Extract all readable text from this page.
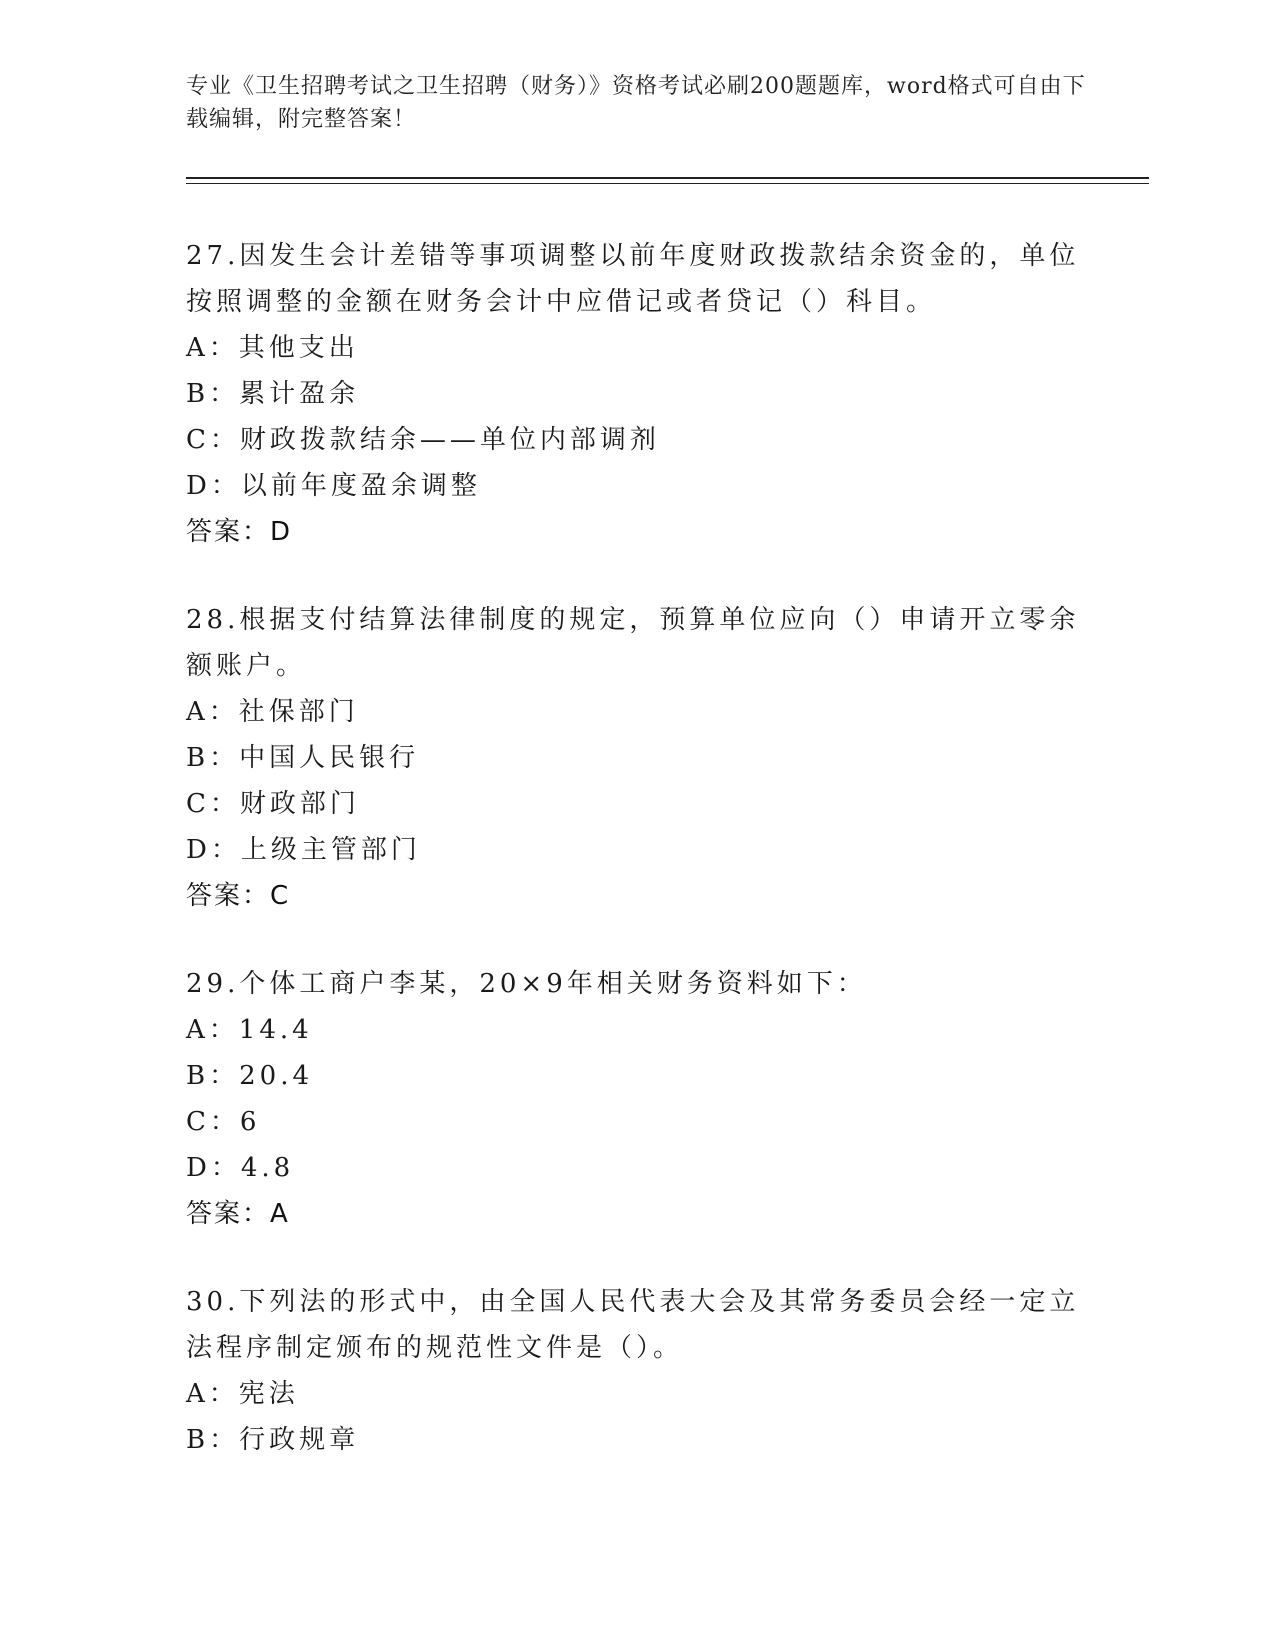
专业《卫生招聘考试之卫生招聘（财务）》资格考试必刷200题题库，word格式可自由下载编辑，附完整答案！

27.因发生会计差错等事项调整以前年度财政拨款结余资金的，单位按照调整的金额在财务会计中应借记或者贷记（）科目。

A：其他支出

B：累计盈余

C：财政拨款结余——单位内部调剂

D：以前年度盈余调整

答案：D

28.根据支付结算法律制度的规定，预算单位应向（）申请开立零余额账户。

A：社保部门

B：中国人民银行

C：财政部门

D：上级主管部门

答案：C

29.个体工商户李某，20×9年相关财务资料如下：

A：14.4

B：20.4

C：6

D：4.8

答案：A

30.下列法的形式中，由全国人民代表大会及其常务委员会经一定立法程序制定颁布的规范性文件是（）。

A：宪法

B：行政规章
